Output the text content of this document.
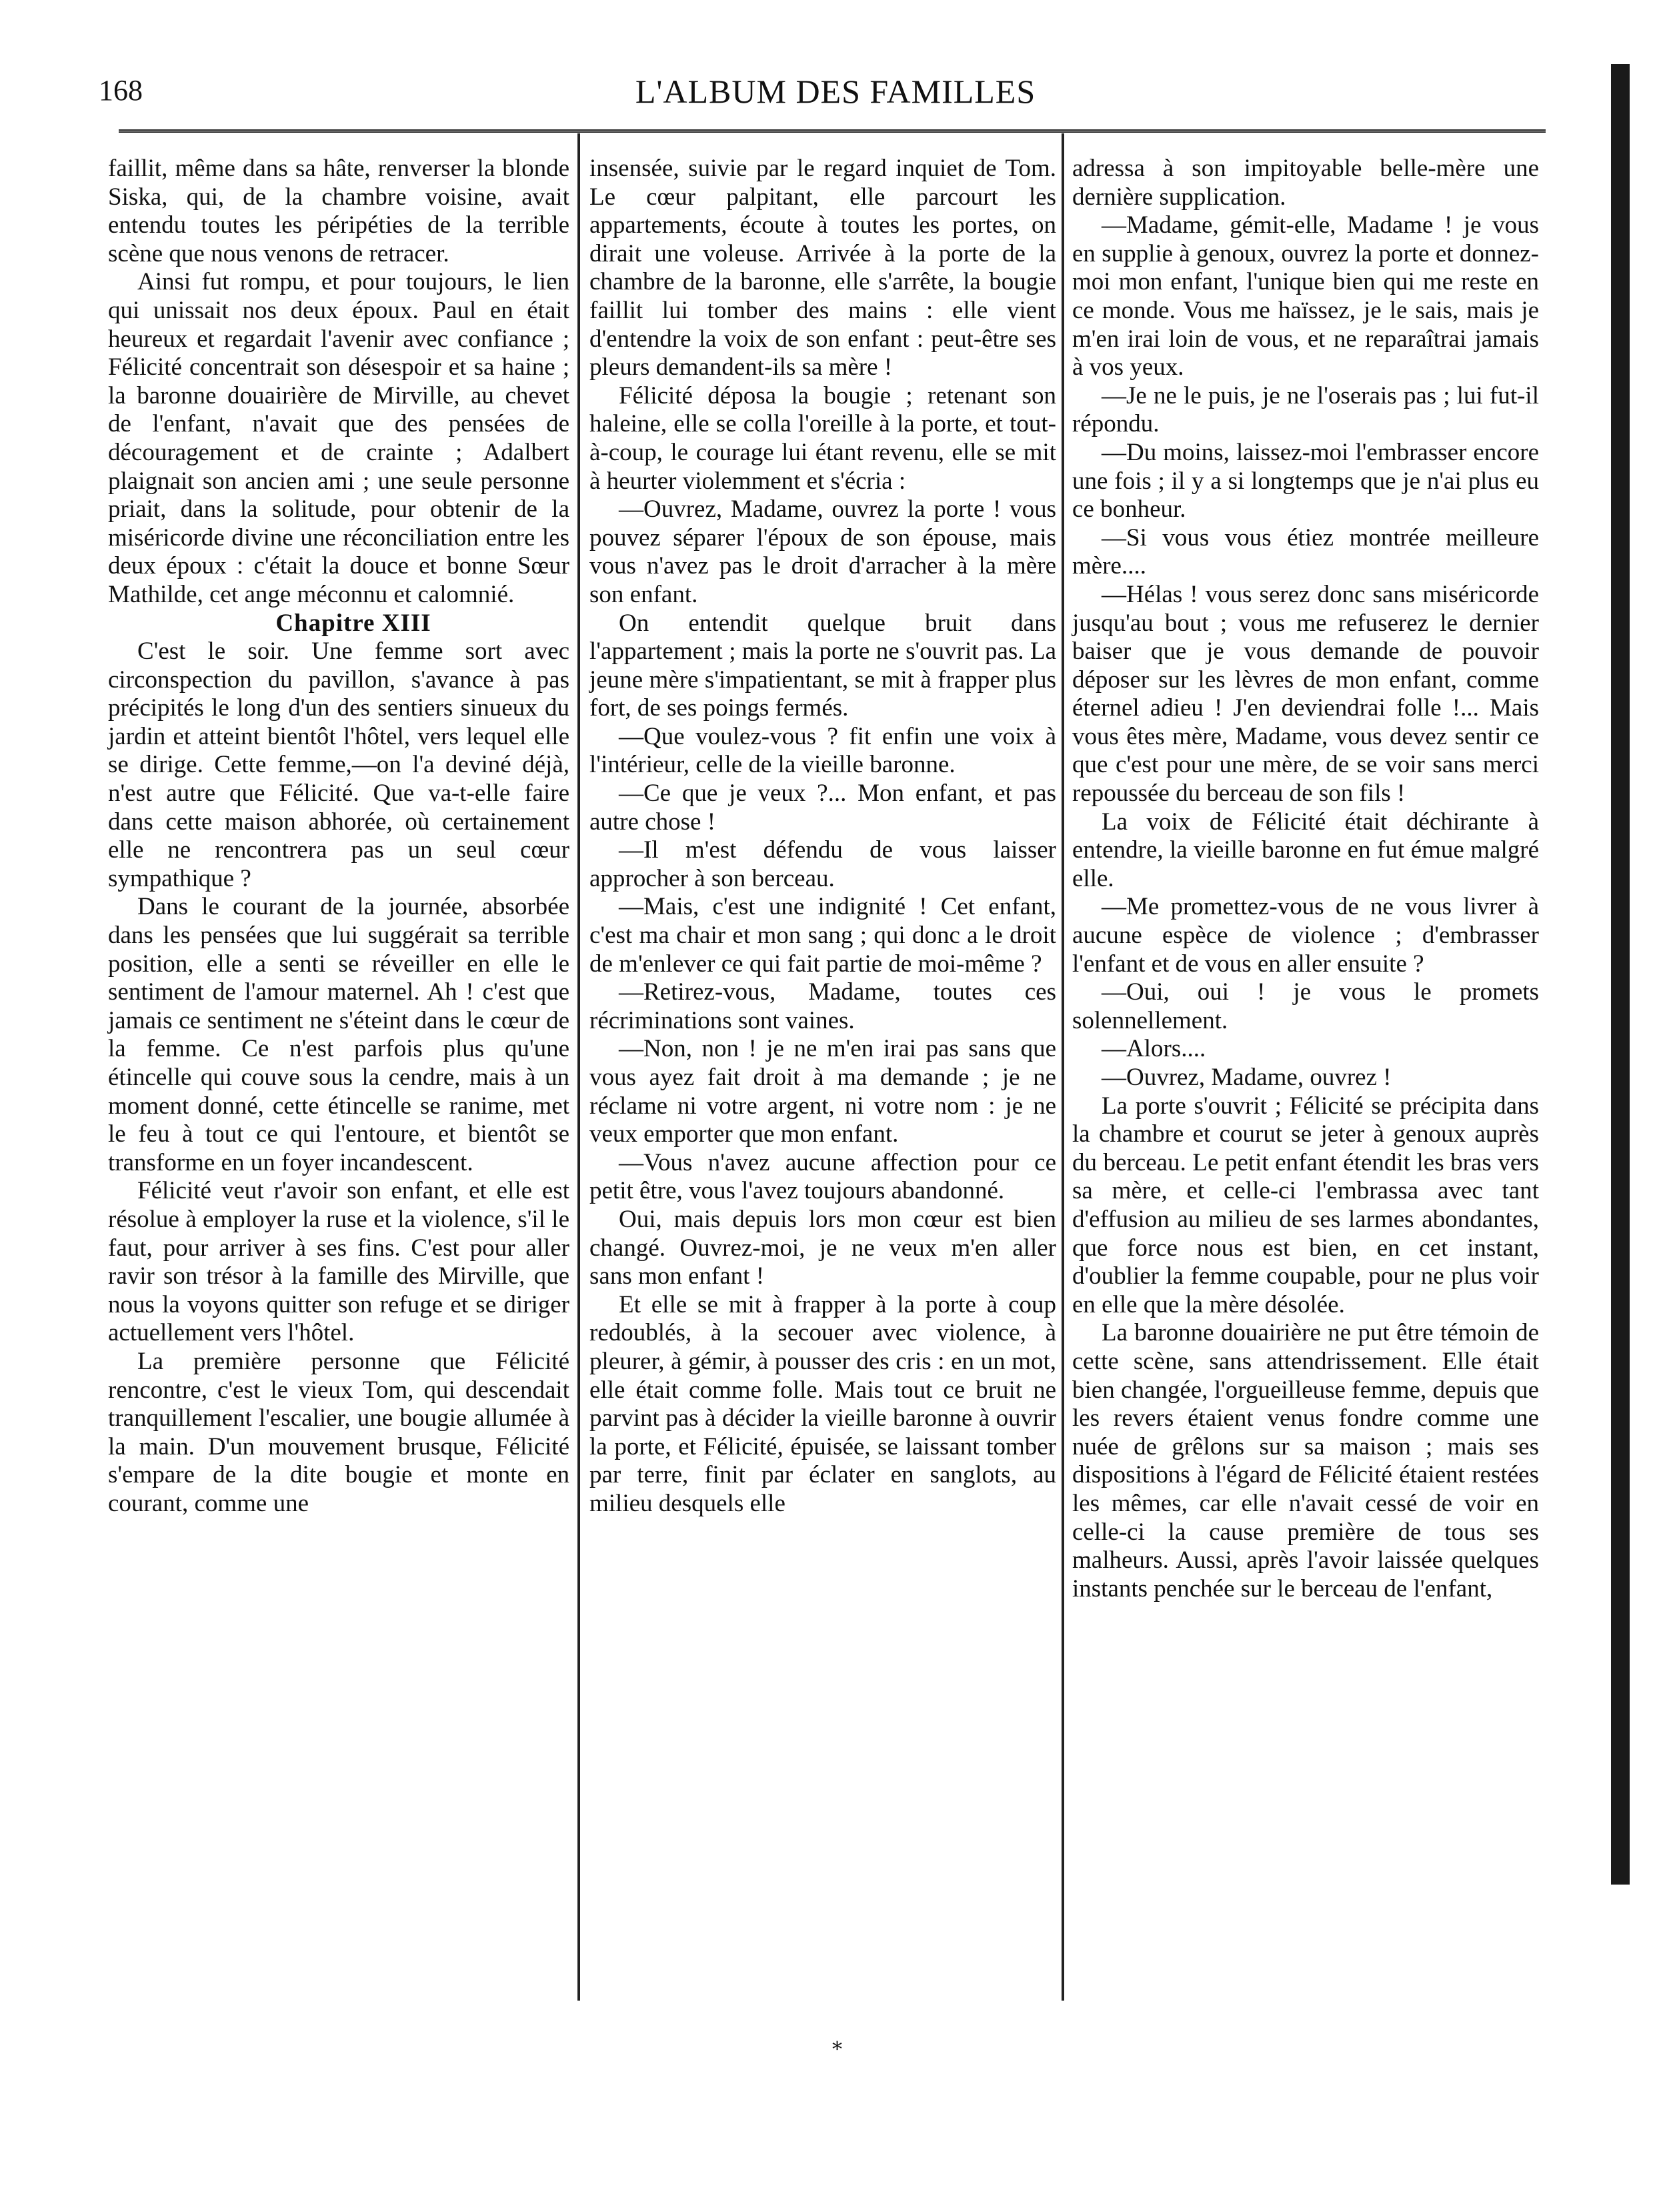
168	L'ALBUM DES FAMILLES

faillit, même dans sa hâte, renverser la blonde Siska, qui, de la chambre voisine, avait entendu toutes les péripéties de la terrible scène que nous venons de retracer.

Ainsi fut rompu, et pour toujours, le lien qui unissait nos deux époux. Paul en était heureux et regardait l'avenir avec confiance ; Félicité concentrait son désespoir et sa haine ; la baronne douairière de Mirville, au chevet de l'enfant, n'avait que des pensées de découragement et de crainte ; Adalbert plaignait son ancien ami ; une seule personne priait, dans la solitude, pour obtenir de la miséricorde divine une réconciliation entre les deux époux : c'était la douce et bonne Sœur Mathilde, cet ange méconnu et calomnié.

Chapitre XIII

C'est le soir. Une femme sort avec circonspection du pavillon, s'avance à pas précipités le long d'un des sentiers sinueux du jardin et atteint bientôt l'hôtel, vers lequel elle se dirige. Cette femme,—on l'a deviné déjà, n'est autre que Félicité. Que va-t-elle faire dans cette maison abhorée, où certainement elle ne rencontrera pas un seul cœur sympathique ?

Dans le courant de la journée, absorbée dans les pensées que lui suggérait sa terrible position, elle a senti se réveiller en elle le sentiment de l'amour maternel. Ah ! c'est que jamais ce sentiment ne s'éteint dans le cœur de la femme. Ce n'est parfois plus qu'une étincelle qui couve sous la cendre, mais à un moment donné, cette étincelle se ranime, met le feu à tout ce qui l'entoure, et bientôt se transforme en un foyer incandescent.

Félicité veut r'avoir son enfant, et elle est résolue à employer la ruse et la violence, s'il le faut, pour arriver à ses fins. C'est pour aller ravir son trésor à la famille des Mirville, que nous la voyons quitter son refuge et se diriger actuellement vers l'hôtel.

La première personne que Félicité rencontre, c'est le vieux Tom, qui descendait tranquillement l'escalier, une bougie allumée à la main. D'un mouvement brusque, Félicité s'empare de la dite bougie et monte en courant, comme une

insensée, suivie par le regard inquiet de Tom. Le cœur palpitant, elle parcourt les appartements, écoute à toutes les portes, on dirait une voleuse. Arrivée à la porte de la chambre de la baronne, elle s'arrête, la bougie faillit lui tomber des mains : elle vient d'entendre la voix de son enfant : peut-être ses pleurs demandent-ils sa mère !

Félicité déposa la bougie ; retenant son haleine, elle se colla l'oreille à la porte, et tout-à-coup, le courage lui étant revenu, elle se mit à heurter violemment et s'écria :

—Ouvrez, Madame, ouvrez la porte ! vous pouvez séparer l'époux de son épouse, mais vous n'avez pas le droit d'arracher à la mère son enfant.

On entendit quelque bruit dans l'appartement ; mais la porte ne s'ouvrit pas. La jeune mère s'impatientant, se mit à frapper plus fort, de ses poings fermés.

—Que voulez-vous ? fit enfin une voix à l'intérieur, celle de la vieille baronne.

—Ce que je veux ?... Mon enfant, et pas autre chose !

—Il m'est défendu de vous laisser approcher à son berceau.

—Mais, c'est une indignité ! Cet enfant, c'est ma chair et mon sang ; qui donc a le droit de m'enlever ce qui fait partie de moi-même ?

—Retirez-vous, Madame, toutes ces récriminations sont vaines.

—Non, non ! je ne m'en irai pas sans que vous ayez fait droit à ma demande ; je ne réclame ni votre argent, ni votre nom : je ne veux emporter que mon enfant.

—Vous n'avez aucune affection pour ce petit être, vous l'avez toujours abandonné.

Oui, mais depuis lors mon cœur est bien changé. Ouvrez-moi, je ne veux m'en aller sans mon enfant !

Et elle se mit à frapper à la porte à coup redoublés, à la secouer avec violence, à pleurer, à gémir, à pousser des cris : en un mot, elle était comme folle. Mais tout ce bruit ne parvint pas à décider la vieille baronne à ouvrir la porte, et Félicité, épuisée, se laissant tomber par terre, finit par éclater en sanglots, au milieu desquels elle

adressa à son impitoyable belle-mère une dernière supplication.

—Madame, gémit-elle, Madame ! je vous en supplie à genoux, ouvrez la porte et donnez-moi mon enfant, l'unique bien qui me reste en ce monde. Vous me haïssez, je le sais, mais je m'en irai loin de vous, et ne reparaîtrai jamais à vos yeux.

—Je ne le puis, je ne l'oserais pas ; lui fut-il répondu.

—Du moins, laissez-moi l'embrasser encore une fois ; il y a si longtemps que je n'ai plus eu ce bonheur.

—Si vous vous étiez montrée meilleure mère....

—Hélas ! vous serez donc sans miséricorde jusqu'au bout ; vous me refuserez le dernier baiser que je vous demande de pouvoir déposer sur les lèvres de mon enfant, comme éternel adieu ! J'en deviendrai folle !... Mais vous êtes mère, Madame, vous devez sentir ce que c'est pour une mère, de se voir sans merci repoussée du berceau de son fils !

La voix de Félicité était déchirante à entendre, la vieille baronne en fut émue malgré elle.

—Me promettez-vous de ne vous livrer à aucune espèce de violence ; d'embrasser l'enfant et de vous en aller ensuite ?

—Oui, oui ! je vous le promets solennellement.

—Alors....

—Ouvrez, Madame, ouvrez !

La porte s'ouvrit ; Félicité se précipita dans la chambre et courut se jeter à genoux auprès du berceau. Le petit enfant étendit les bras vers sa mère, et celle-ci l'embrassa avec tant d'effusion au milieu de ses larmes abondantes, que force nous est bien, en cet instant, d'oublier la femme coupable, pour ne plus voir en elle que la mère désolée.

La baronne douairière ne put être témoin de cette scène, sans attendrissement. Elle était bien changée, l'orgueilleuse femme, depuis que les revers étaient venus fondre comme une nuée de grêlons sur sa maison ; mais ses dispositions à l'égard de Félicité étaient restées les mêmes, car elle n'avait cessé de voir en celle-ci la cause première de tous ses malheurs. Aussi, après l'avoir laissée quelques instants penchée sur le berceau de l'enfant,

*
